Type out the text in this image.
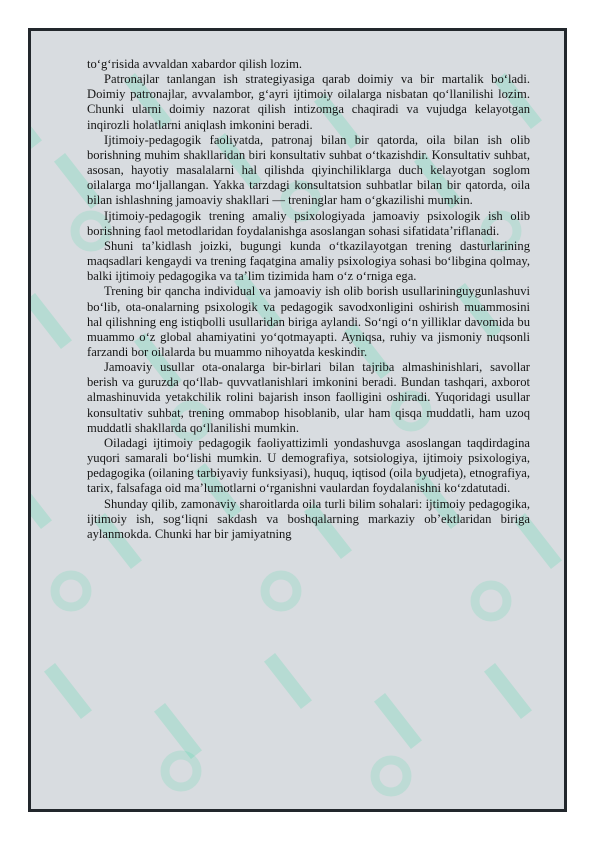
to‘g‘risida avvaldan xabardor qilish lozim.

Patronajlar tanlangan ish strategiyasiga qarab doimiy va bir martalik bo‘ladi. Doimiy patronajlar, avvalambor, g‘ayri ijtimoiy oilalarga nisbatan qo‘llanilishi lozim. Chunki ularni doimiy nazorat qilish intizomga chaqiradi va vujudga kelayotgan inqirozli holatlarni aniqlash imkonini beradi.

Ijtimoiy-pedagogik faoliyatda, patronaj bilan bir qatorda, oila bilan ish olib borishning muhim shakllaridan biri konsultativ suhbat o‘tkazishdir. Konsultativ suhbat, asosan, hayotiy masalalarni hal qilishda qiyinchiliklarga duch kelayotgan soglom oilalarga mo‘ljallangan. Yakka tarzdagi konsultatsion suhbatlar bilan bir qatorda, oila bilan ishlashning jamoaviy shakllari — treninglar ham o‘gkazilishi mumkin.

Ijtimoiy-pedagogik trening amaliy psixologiyada jamoaviy psixologik ish olib borishning faol metodlaridan foydalanishga asoslangan sohasi sifatidata’riflanadi.

Shuni ta’kidlash joizki, bugungi kunda o‘tkazilayotgan trening dasturlarining maqsadlari kengaydi va trening faqatgina amaliy psixologiya sohasi bo‘libgina qolmay, balki ijtimoiy pedagogika va ta’lim tizimida ham o‘z o‘rniga ega.

Trening bir qancha individual va jamoaviy ish olib borish usullarininguygunlashuvi bo‘lib, ota-onalarning psixologik va pedagogik savodxonligini oshirish muammosini hal qilishning eng istiqbolli usullaridan biriga aylandi. So‘ngi o‘n yilliklar davomida bu muammo o‘z global ahamiyatini yo‘qotmayapti. Ayniqsa, ruhiy va jismoniy nuqsonli farzandi bor oilalarda bu muammo nihoyatda keskindir.

Jamoaviy usullar ota-onalarga bir-birlari bilan tajriba almashinishlari, savollar berish va guruzda qo‘llab- quvvatlanishlari imkonini beradi. Bundan tashqari, axborot almashinuvida yetakchilik rolini bajarish inson faolligini oshiradi. Yuqoridagi usullar konsultativ suhbat, trening ommabop hisoblanib, ular ham qisqa muddatli, ham uzoq muddatli shakllarda qo‘llanilishi mumkin.

Oiladagi ijtimoiy pedagogik faoliyattizimli yondashuvga asoslangan taqdirdagina yuqori samarali bo‘lishi mumkin. U demografiya, sotsiologiya, ijtimoiy psixologiya, pedagogika (oilaning tarbiyaviy funksiyasi), huquq, iqtisod (oila byudjeta), etnografiya, tarix, falsafaga oid ma’lumotlarni o‘rganishni vaulardan foydalanishni ko‘zdatutadi.

Shunday qilib, zamonaviy sharoitlarda oila turli bilim sohalari: ijtimoiy pedagogika, ijtimoiy ish, sog‘liqni sakdash va boshqalarning markaziy ob’ektlaridan biriga aylanmokda. Chunki har bir jamiyatning
